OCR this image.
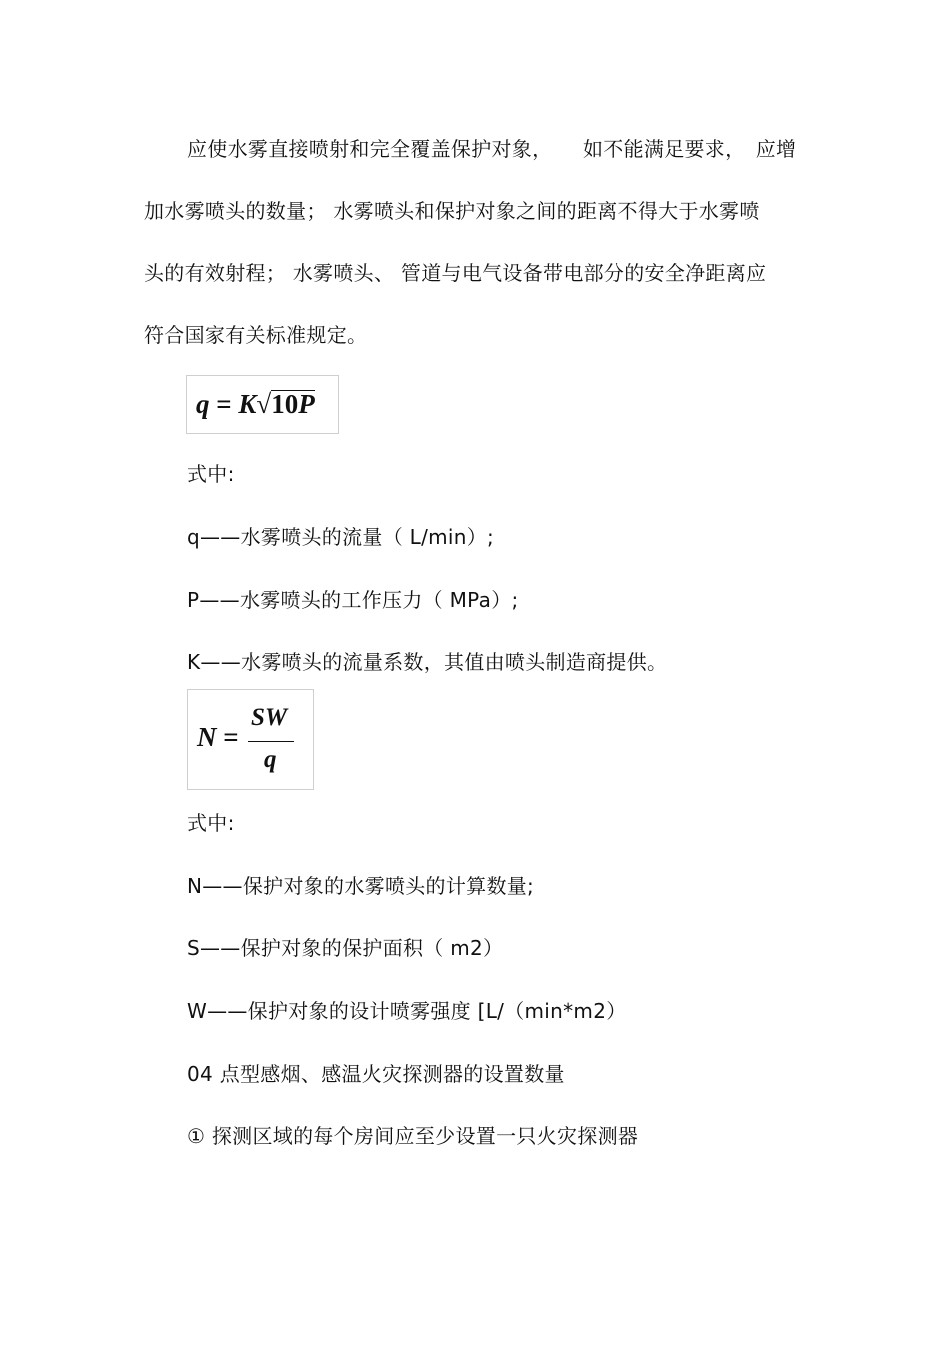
应使水雾直接喷射和完全覆盖保护对象，　　如不能满足要求，　应增
加水雾喷头的数量； 水雾喷头和保护对象之间的距离不得大于水雾喷
头的有效射程； 水雾喷头、 管道与电气设备带电部分的安全净距离应
符合国家有关标准规定。
q = K√10P
式中:
q——水雾喷头的流量（ L/min）;
P——水雾喷头的工作压力（ MPa）;
K——水雾喷头的流量系数，其值由喷头制造商提供。
N =
SW
q
式中:
N——保护对象的水雾喷头的计算数量;
S——保护对象的保护面积（ m2）
W——保护对象的设计喷雾强度 [L/（min*m2）
04 点型感烟、感温火灾探测器的设置数量
① 探测区域的每个房间应至少设置一只火灾探测器
